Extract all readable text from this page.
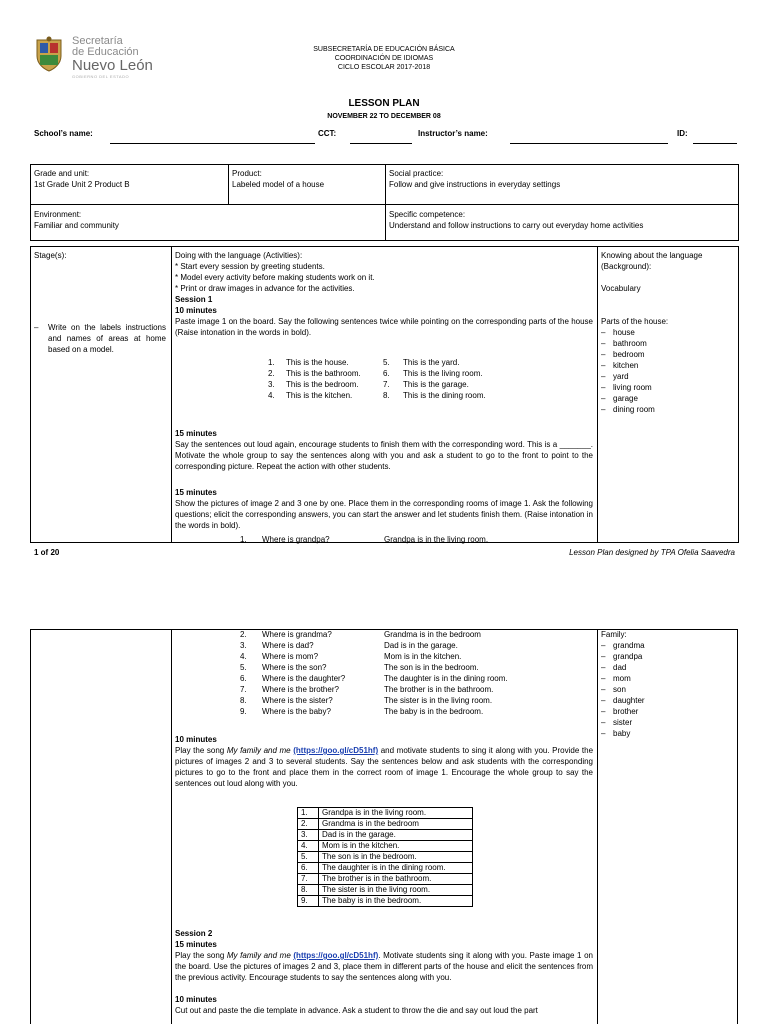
Secretaría
de Educación
Nuevo León
GOBIERNO DEL ESTADO
SUBSECRETARÍA DE EDUCACIÓN BÁSICA
COORDINACIÓN DE IDIOMAS
CICLO ESCOLAR 2017-2018
LESSON PLAN
NOVEMBER 22 TO DECEMBER 08
School’s name:	CCT:	Instructor’s name:	ID:
Grade and unit:
1st Grade Unit 2 Product B
Product:
Labeled model of a house
Social practice:
Follow and give instructions in everyday settings
Environment:
Familiar and community
Specific competence:
Understand and follow instructions to carry out everyday home activities
Stage(s):
– Write on the labels instructions and names of areas at home based on a model.
Doing with the language (Activities):
* Start every session by greeting students.
* Model every activity before making students work on it.
* Print or draw images in advance for the activities.
Session 1
10 minutes
Paste image 1 on the board. Say the following sentences twice while pointing on the corresponding parts of the house (Raise intonation in the words in bold).
1. This is the house.
2. This is the bathroom.
3. This is the bedroom.
4. This is the kitchen.
5. This is the yard.
6. This is the living room.
7. This is the garage.
8. This is the dining room.
15 minutes
Say the sentences out loud again, encourage students to finish them with the corresponding word. This is a _______. Motivate the whole group to say the sentences along with you and ask a student to go to the front to point to the corresponding picture. Repeat the action with other students.
15 minutes
Show the pictures of image 2 and 3 one by one. Place them in the corresponding rooms of image 1. Ask the following questions; elicit the corresponding answers, you can start the answer and let students finish them. (Raise intonation in the words in bold).
1. Where is grandpa?	Grandpa is in the living room.
Knowing about the language (Background):
Vocabulary
Parts of the house:
– house
– bathroom
– bedroom
– kitchen
– yard
– living room
– garage
– dining room
1 of 20	Lesson Plan designed by TPA Ofelia Saavedra
2. Where is grandma?	Grandma is in the bedroom
3. Where is dad?	Dad is in the garage.
4. Where is mom?	Mom is in the kitchen.
5. Where is the son?	The son is in the bedroom.
6. Where is the daughter?	The daughter is in the dining room.
7. Where is the brother?	The brother is in the bathroom.
8. Where is the sister?	The sister is in the living room.
9. Where is the baby?	The baby is in the bedroom.
10 minutes
Play the song My family and me (https://goo.gl/cD51hf) and motivate students to sing it along with you. Provide the pictures of images 2 and 3 to several students. Say the sentences below and ask students with the corresponding pictures to go to the front and place them in the correct room of image 1. Encourage the whole group to say the sentences out loud along with you.
1.	Grandpa is in the living room.
2.	Grandma is in the bedroom
3.	Dad is in the garage.
4.	Mom is in the kitchen.
5.	The son is in the bedroom.
6.	The daughter is in the dining room.
7.	The brother is in the bathroom.
8.	The sister is in the living room.
9.	The baby is in the bedroom.
Session 2
15 minutes
Play the song My family and me (https://goo.gl/cD51hf). Motivate students sing it along with you. Paste image 1 on the board. Use the pictures of images 2 and 3, place them in different parts of the house and elicit the sentences from the previous activity. Encourage students to say the sentences along with you.
10 minutes
Cut out and paste the die template in advance. Ask a student to throw the die and say out loud the part
Family:
– grandma
– grandpa
– dad
– mom
– son
– daughter
– brother
– sister
– baby
